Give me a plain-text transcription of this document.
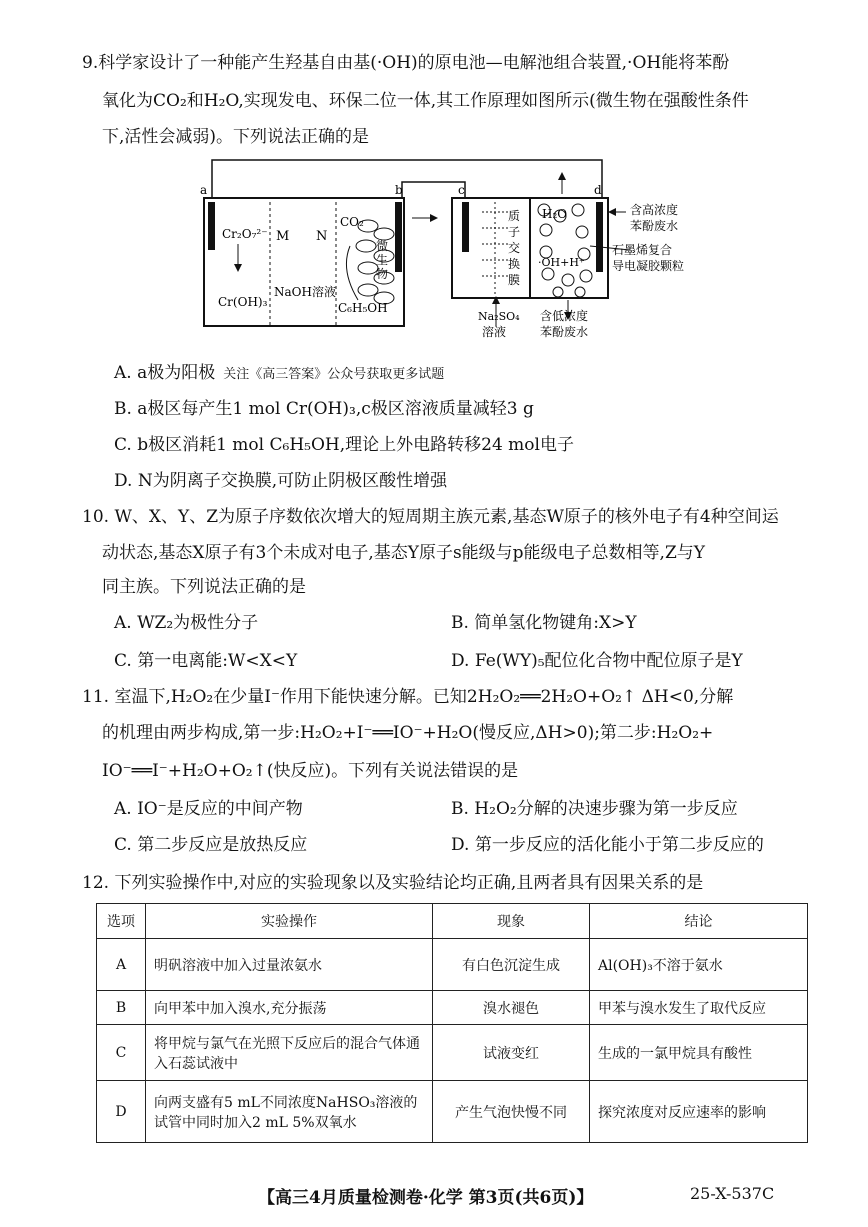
9.科学家设计了一种能产生羟基自由基(·OH)的原电池—电解池组合装置,·OH能将苯酚
氧化为CO₂和H₂O,实现发电、环保二位一体,其工作原理如图所示(微生物在强酸性条件
下,活性会减弱)。下列说法正确的是
a	b	c	d
Cr₂O₇²⁻
Cr(OH)₃
M N
NaOH溶液
CO₂
C₆H₅OH
微
生
物
质
子
交
换
膜
H₂O
·OH+H⁺
含高浓度
苯酚废水
石墨烯复合
导电凝胶颗粒
Na₂SO₄
溶液
含低浓度
苯酚废水
A. a极为阳极 关注《高三答案》公众号获取更多试题
B. a极区每产生1 mol Cr(OH)₃,c极区溶液质量减轻3 g
C. b极区消耗1 mol C₆H₅OH,理论上外电路转移24 mol电子
D. N为阴离子交换膜,可防止阴极区酸性增强
10. W、X、Y、Z为原子序数依次增大的短周期主族元素,基态W原子的核外电子有4种空间运
动状态,基态X原子有3个未成对电子,基态Y原子s能级与p能级电子总数相等,Z与Y
同主族。下列说法正确的是
A. WZ₂为极性分子	B. 简单氢化物键角:X>Y
C. 第一电离能:W<X<Y	D. Fe(WY)₅配位化合物中配位原子是Y
11. 室温下,H₂O₂在少量I⁻作用下能快速分解。已知2H₂O₂══2H₂O+O₂↑ ΔH<0,分解
的机理由两步构成,第一步:H₂O₂+I⁻══IO⁻+H₂O(慢反应,ΔH>0);第二步:H₂O₂+
IO⁻══I⁻+H₂O+O₂↑(快反应)。下列有关说法错误的是
A. IO⁻是反应的中间产物	B. H₂O₂分解的决速步骤为第一步反应
C. 第二步反应是放热反应	D. 第一步反应的活化能小于第二步反应的
12. 下列实验操作中,对应的实验现象以及实验结论均正确,且两者具有因果关系的是
选项	实验操作	现象	结论
A	明矾溶液中加入过量浓氨水	有白色沉淀生成	Al(OH)₃不溶于氨水
B	向甲苯中加入溴水,充分振荡	溴水褪色	甲苯与溴水发生了取代反应
C	将甲烷与氯气在光照下反应后的混合气体通入石蕊试液中	试液变红	生成的一氯甲烷具有酸性
D	向两支盛有5 mL不同浓度NaHSO₃溶液的试管中同时加入2 mL 5%双氧水	产生气泡快慢不同	探究浓度对反应速率的影响
【高三4月质量检测卷·化学 第3页(共6页)】	25-X-537C
